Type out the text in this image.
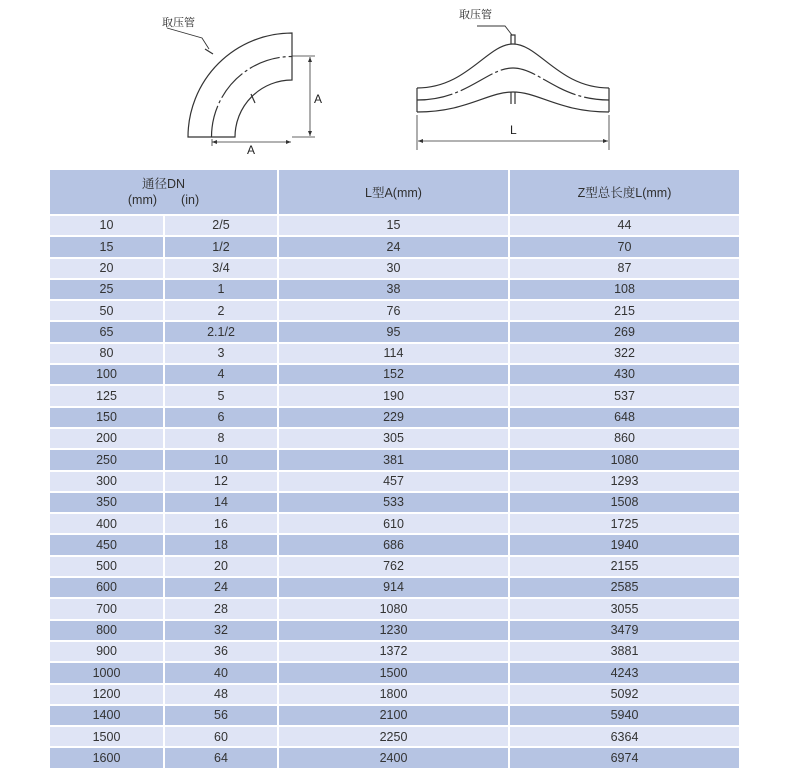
取压管
A
A
取压管
L
通径DN
(mm) (in)		L型A(mm)	Z型总长度L(mm)
10	2/5	15	44
15	1/2	24	70
20	3/4	30	87
25	1	38	108
50	2	76	215
65	2.1/2	95	269
80	3	114	322
100	4	152	430
125	5	190	537
150	6	229	648
200	8	305	860
250	10	381	1080
300	12	457	1293
350	14	533	1508
400	16	610	1725
450	18	686	1940
500	20	762	2155
600	24	914	2585
700	28	1080	3055
800	32	1230	3479
900	36	1372	3881
1000	40	1500	4243
1200	48	1800	5092
1400	56	2100	5940
1500	60	2250	6364
1600	64	2400	6974
